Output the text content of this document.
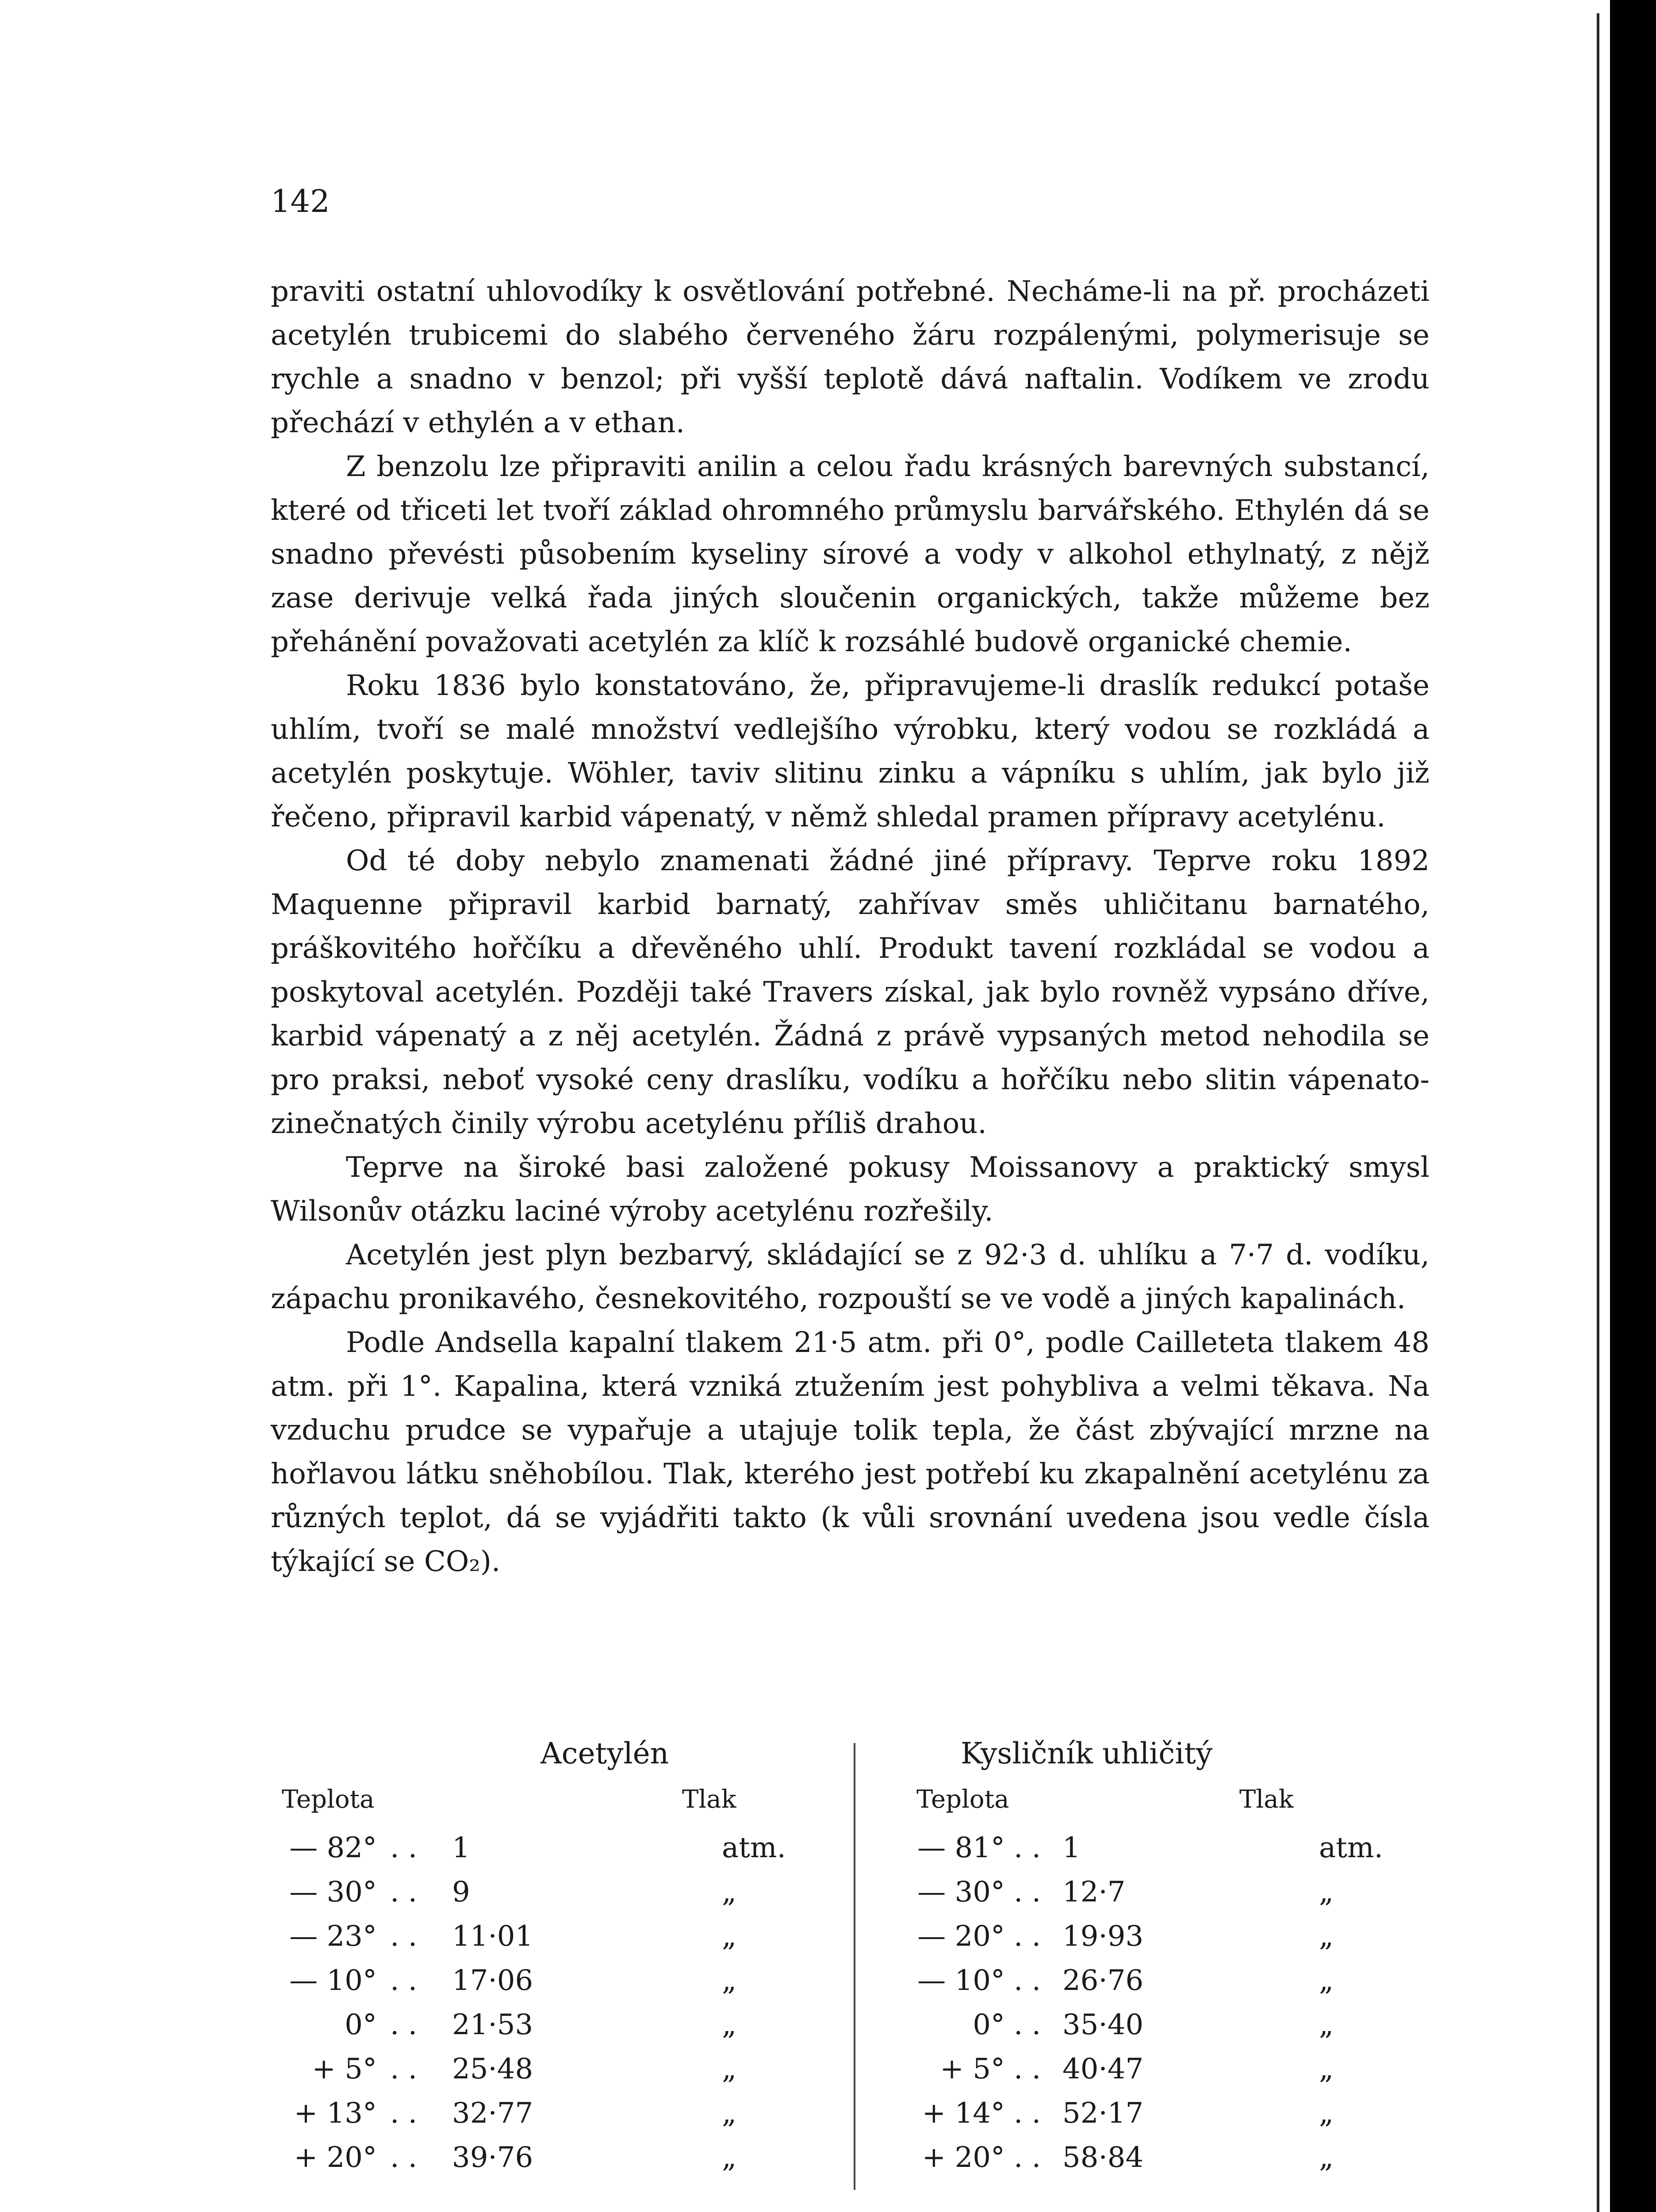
142

praviti ostatní uhlovodíky k osvětlování potřebné. Necháme-li na př. procházeti acetylén trubicemi do slabého červeného žáru rozpálenými, polymerisuje se rychle a snadno v benzol; při vyšší teplotě dává naftalin. Vodíkem ve zrodu přechází v ethylén a v ethan.

Z benzolu lze připraviti anilin a celou řadu krásných barevných substancí, které od třiceti let tvoří základ ohromného průmyslu barvářského. Ethylén dá se snadno převésti působením kyseliny sírové a vody v alkohol ethylnatý, z nějž zase derivuje velká řada jiných sloučenin organických, takže můžeme bez přehánění považovati acetylén za klíč k rozsáhlé budově organické chemie.

Roku 1836 bylo konstatováno, že, připravujeme-li draslík redukcí potaše uhlím, tvoří se malé množství vedlejšího výrobku, který vodou se rozkládá a acetylén poskytuje. Wöhler, taviv slitinu zinku a vápníku s uhlím, jak bylo již řečeno, připravil karbid vápenatý, v němž shledal pramen přípravy acetylénu.

Od té doby nebylo znamenati žádné jiné přípravy. Teprve roku 1892 Maquenne připravil karbid barnatý, zahřívav směs uhličitanu barnatého, práškovitého hořčíku a dřevěného uhlí. Produkt tavení rozkládal se vodou a poskytoval acetylén. Později také Travers získal, jak bylo rovněž vypsáno dříve, karbid vápenatý a z něj acetylén. Žádná z právě vypsaných metod nehodila se pro praksi, neboť vysoké ceny draslíku, vodíku a hořčíku nebo slitin vápenato-zinečnatých činily výrobu acetylénu příliš drahou.

Teprve na široké basi založené pokusy Moissanovy a praktický smysl Wilsonův otázku laciné výroby acetylénu rozřešily.

Acetylén jest plyn bezbarvý, skládající se z 92·3 d. uhlíku a 7·7 d. vodíku, zápachu pronikavého, česnekovitého, rozpouští se ve vodě a jiných kapalinách.

Podle Andsella kapalní tlakem 21·5 atm. při 0°, podle Cailleteta tlakem 48 atm. při 1°. Kapalina, která vzniká ztužením jest pohybliva a velmi těkava. Na vzduchu prudce se vypařuje a utajuje tolik tepla, že část zbývající mrzne na hořlavou látku sněhobílou. Tlak, kterého jest potřebí ku zkapalnění acetylénu za různých teplot, dá se vyjádřiti takto (k vůli srovnání uvedena jsou vedle čísla týkající se CO₂).

Acetylén
Teplota	Tlak
— 82° . . 1	atm.
— 30° . . 9	„
— 23° . . 11·01	„
— 10° . . 17·06	„
0° . . 21·53	„
+ 5° . . 25·48	„
+ 13° . . 32·77	„
+ 20° . . 39·76	„
Kysličník uhličitý
Teplota	Tlak
— 81° . . 1	atm.
— 30° . . 12·7	„
— 20° . . 19·93	„
— 10° . . 26·76	„
0° . . 35·40	„
+ 5° . . 40·47	„
+ 14° . . 52·17	„
+ 20° . . 58·84	„
